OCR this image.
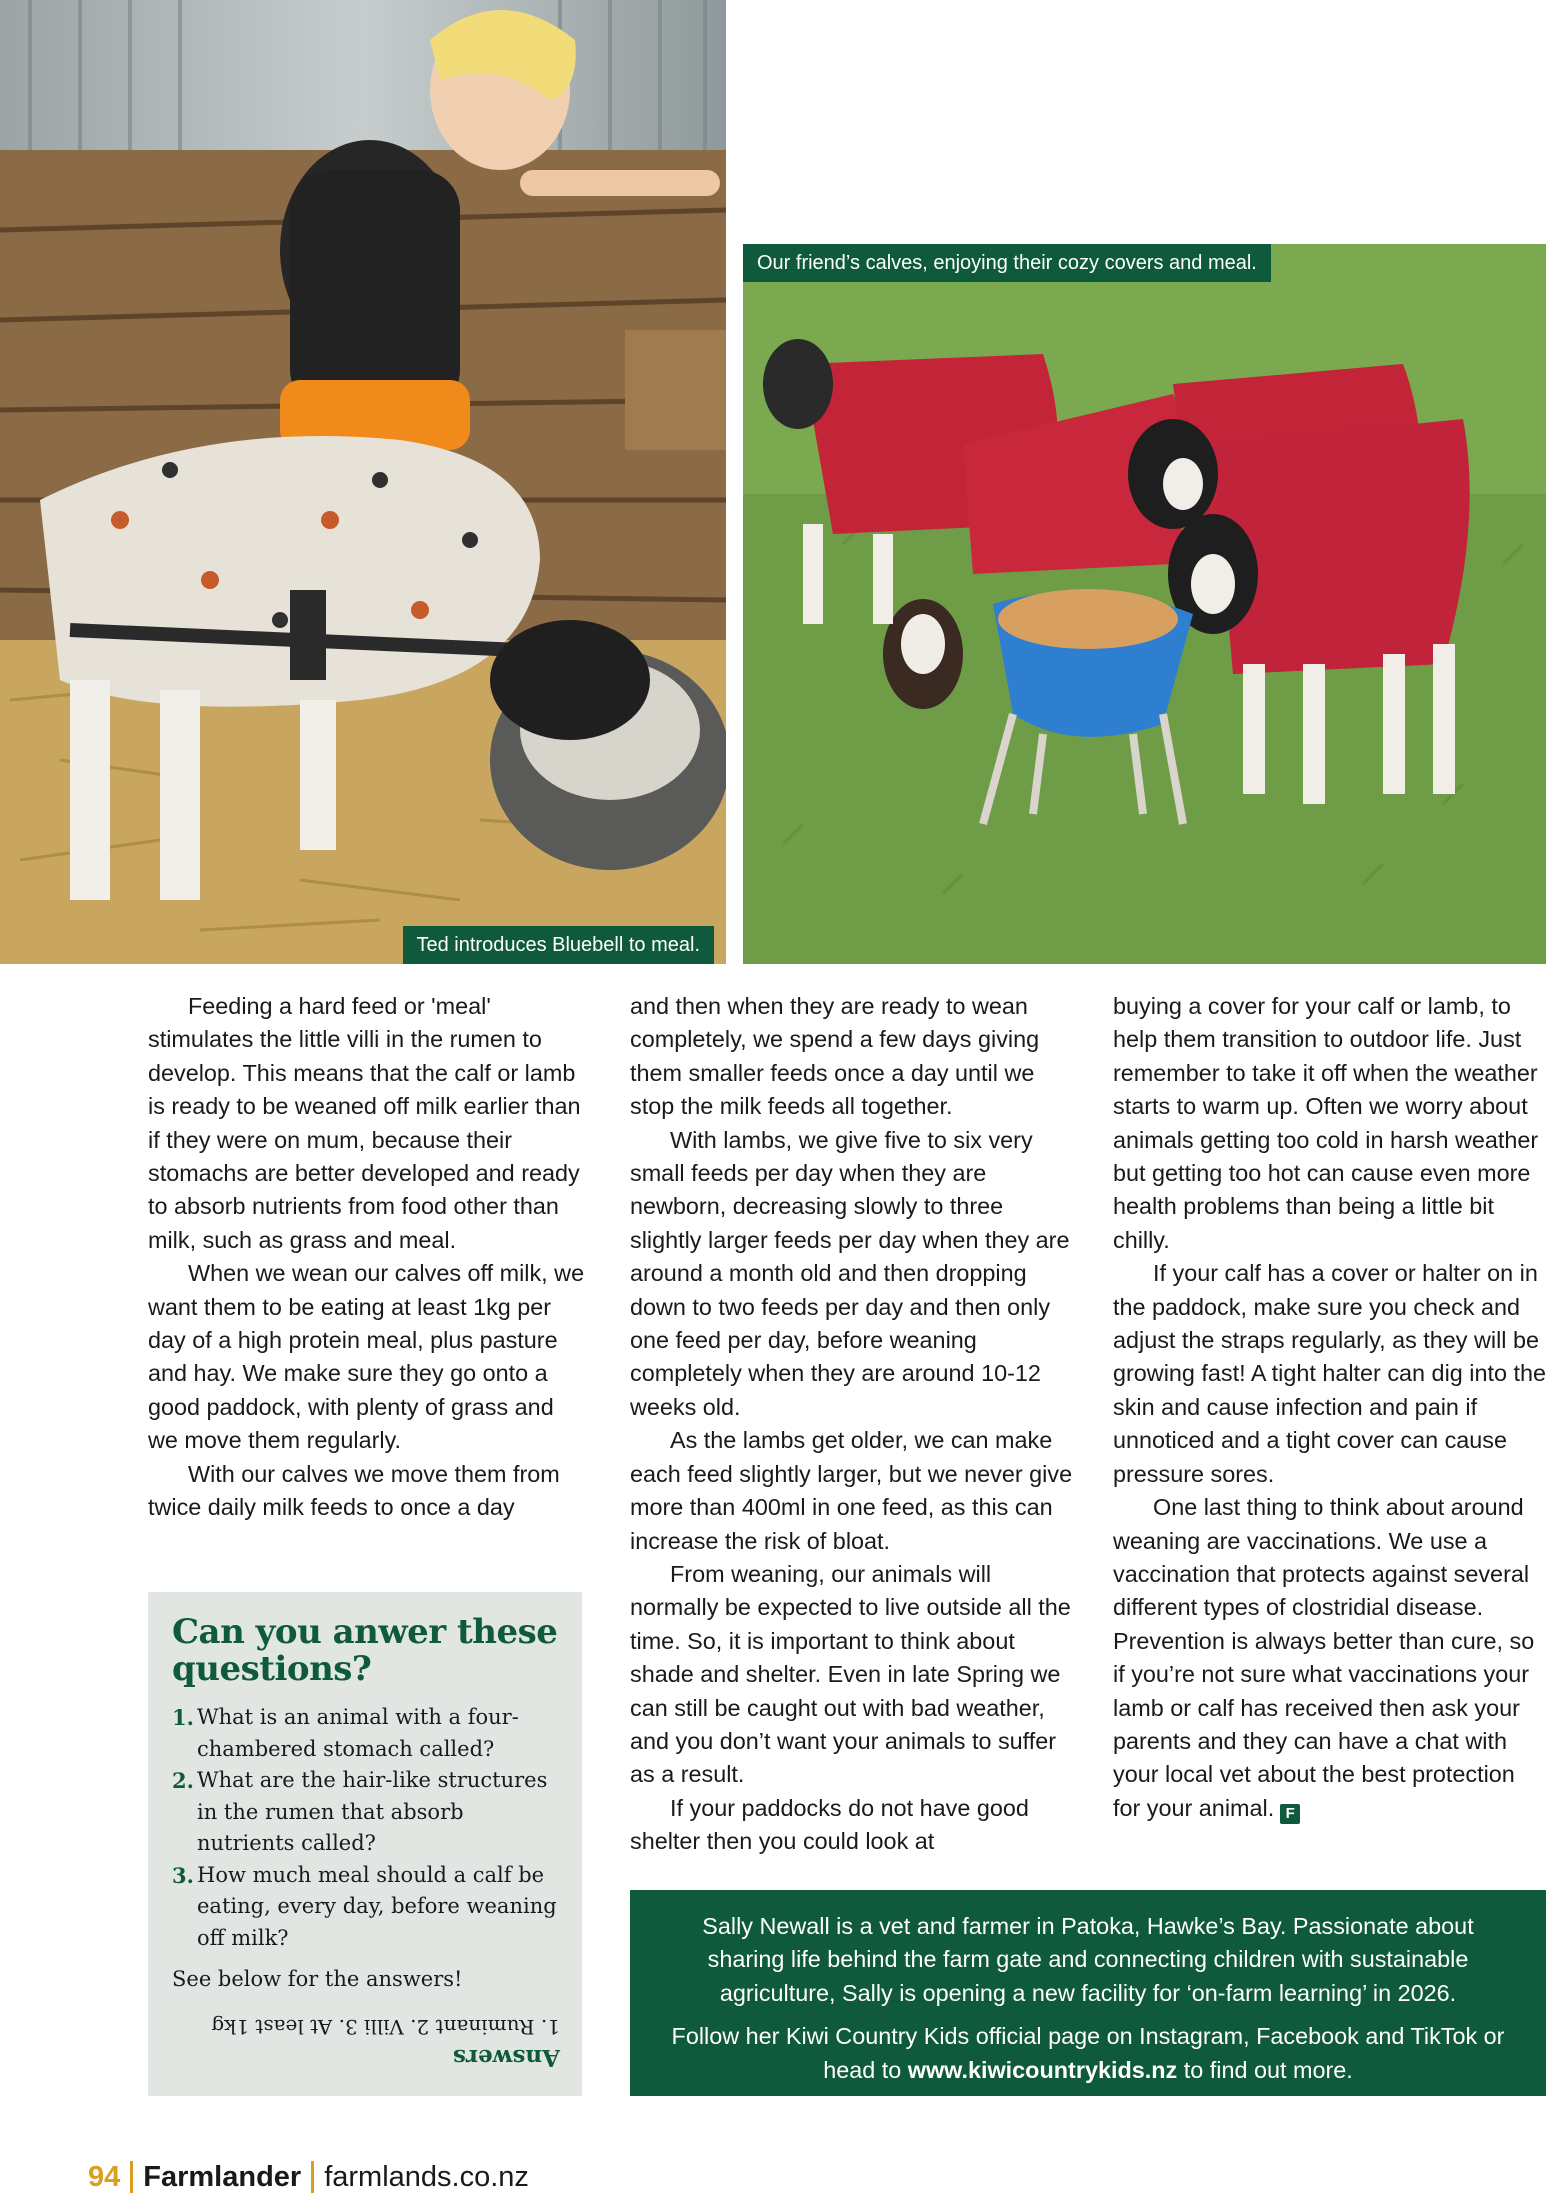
Ted introduces Bluebell to meal.
Our friend’s calves, enjoying their cozy covers and meal.

Feeding a hard feed or 'meal' stimulates the little villi in the rumen to develop. This means that the calf or lamb is ready to be weaned off milk earlier than if they were on mum, because their stomachs are better developed and ready to absorb nutrients from food other than milk, such as grass and meal.

When we wean our calves off milk, we want them to be eating at least 1kg per day of a high protein meal, plus pasture and hay. We make sure they go onto a good paddock, with plenty of grass and we move them regularly.

With our calves we move them from twice daily milk feeds to once a day

and then when they are ready to wean completely, we spend a few days giving them smaller feeds once a day until we stop the milk feeds all together.

With lambs, we give five to six very small feeds per day when they are newborn, decreasing slowly to three slightly larger feeds per day when they are around a month old and then dropping down to two feeds per day and then only one feed per day, before weaning completely when they are around 10-12 weeks old.

As the lambs get older, we can make each feed slightly larger, but we never give more than 400ml in one feed, as this can increase the risk of bloat.

From weaning, our animals will normally be expected to live outside all the time. So, it is important to think about shade and shelter. Even in late Spring we can still be caught out with bad weather, and you don’t want your animals to suffer as a result.

If your paddocks do not have good shelter then you could look at

buying a cover for your calf or lamb, to help them transition to outdoor life. Just remember to take it off when the weather starts to warm up. Often we worry about animals getting too cold in harsh weather but getting too hot can cause even more health problems than being a little bit chilly.

If your calf has a cover or halter on in the paddock, make sure you check and adjust the straps regularly, as they will be growing fast! A tight halter can dig into the skin and cause infection and pain if unnoticed and a tight cover can cause pressure sores.

One last thing to think about around weaning are vaccinations. We use a vaccination that protects against several different types of clostridial disease. Prevention is always better than cure, so if you’re not sure what vaccinations your lamb or calf has received then ask your parents and they can have a chat with your local vet about the best protection for your animal. F

Can you anwer these questions?
1. What is an animal with a four-chambered stomach called?
2. What are the hair-like structures in the rumen that absorb nutrients called?
3. How much meal should a calf be eating, every day, before weaning off milk?
See below for the answers!
Answers
1. Ruminant 2. Villi 3. At least 1kg

Sally Newall is a vet and farmer in Patoka, Hawke’s Bay. Passionate about sharing life behind the farm gate and connecting children with sustainable agriculture, Sally is opening a new facility for ‘on-farm learning’ in 2026.

Follow her Kiwi Country Kids official page on Instagram, Facebook and TikTok or head to www.kiwicountrykids.nz to find out more.

94 Farmlander farmlands.co.nz
